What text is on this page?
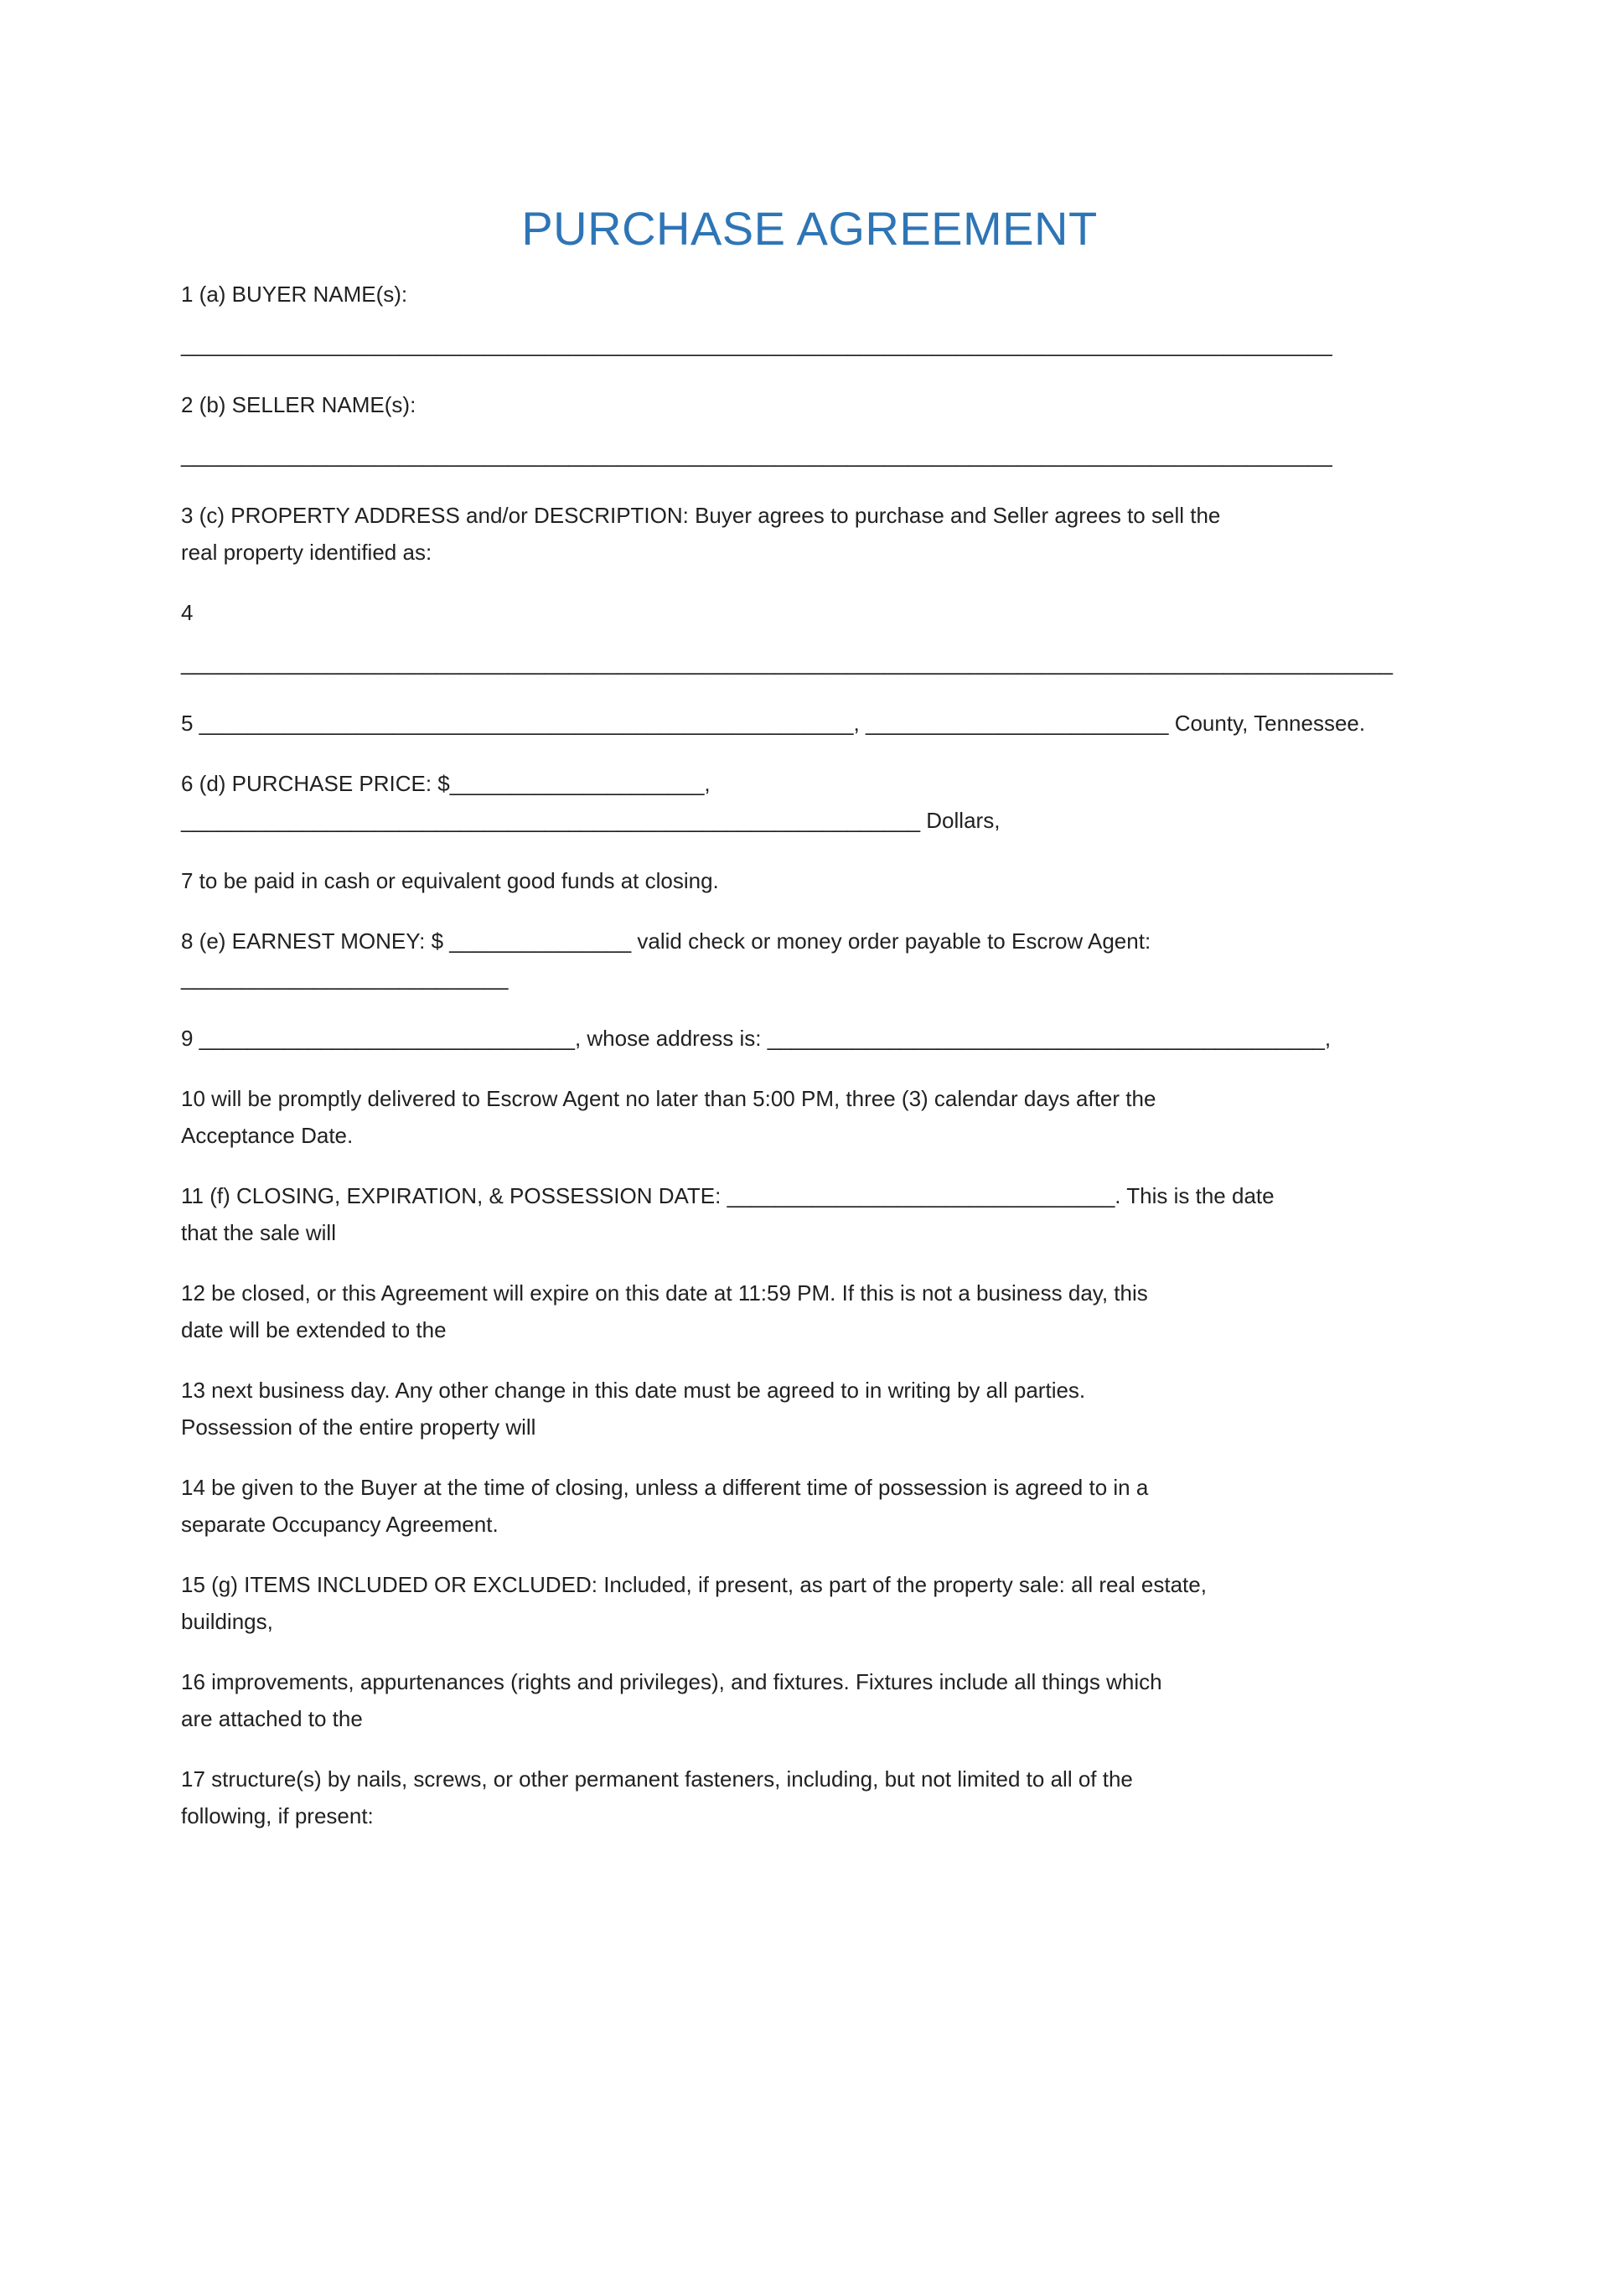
PURCHASE AGREEMENT

1 (a) BUYER NAME(s):
_______________________________________________________________________________________________

2 (b) SELLER NAME(s):
_______________________________________________________________________________________________

3 (c) PROPERTY ADDRESS and/or DESCRIPTION: Buyer agrees to purchase and Seller agrees to sell the
real property identified as:

4
____________________________________________________________________________________________________

5 ______________________________________________________, _________________________ County, Tennessee.

6 (d) PURCHASE PRICE: $_____________________,
_____________________________________________________________ Dollars,

7 to be paid in cash or equivalent good funds at closing.

8 (e) EARNEST MONEY: $ _______________ valid check or money order payable to Escrow Agent:
___________________________

9 _______________________________, whose address is: ______________________________________________,

10 will be promptly delivered to Escrow Agent no later than 5:00 PM, three (3) calendar days after the
Acceptance Date.

11 (f) CLOSING, EXPIRATION, & POSSESSION DATE: ________________________________. This is the date
that the sale will

12 be closed, or this Agreement will expire on this date at 11:59 PM. If this is not a business day, this
date will be extended to the

13 next business day. Any other change in this date must be agreed to in writing by all parties.
Possession of the entire property will

14 be given to the Buyer at the time of closing, unless a different time of possession is agreed to in a
separate Occupancy Agreement.

15 (g) ITEMS INCLUDED OR EXCLUDED: Included, if present, as part of the property sale: all real estate,
buildings,

16 improvements, appurtenances (rights and privileges), and fixtures. Fixtures include all things which
are attached to the

17 structure(s) by nails, screws, or other permanent fasteners, including, but not limited to all of the
following, if present:
